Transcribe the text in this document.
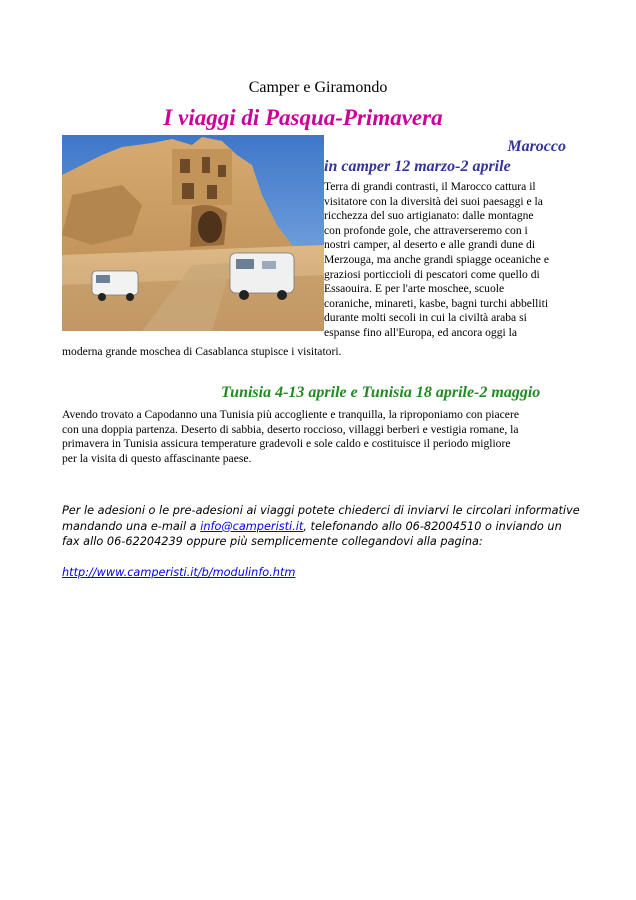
Camper e Giramondo
I viaggi di Pasqua-Primavera
Marocco
in camper 12 marzo-2 aprile
Terra di grandi contrasti, il Marocco cattura il
visitatore con la diversità dei suoi paesaggi e la
ricchezza del suo artigianato: dalle montagne
con profonde gole, che attraverseremo con i
nostri camper, al deserto e alle grandi dune di
Merzouga, ma anche grandi spiagge oceaniche e
graziosi porticcioli di pescatori come quello di
Essaouira. E per l'arte moschee, scuole
coraniche, minareti, kasbe, bagni turchi abbelliti
durante molti secoli in cui la civiltà araba si
espanse fino all'Europa, ed ancora oggi la
moderna grande moschea di Casablanca stupisce i visitatori.
Tunisia 4-13 aprile e Tunisia 18 aprile-2 maggio
Avendo trovato a Capodanno una Tunisia più accogliente e tranquilla, la riproponiamo con piacere
con una doppia partenza. Deserto di sabbia, deserto roccioso, villaggi berberi e vestigia romane, la
primavera in Tunisia assicura temperature gradevoli e sole caldo e costituisce il periodo migliore
per la visita di questo affascinante paese.
Per le adesioni o le pre-adesioni ai viaggi potete chiederci di inviarvi le circolari informative
mandando una e-mail a info@camperisti.it, telefonando allo 06-82004510 o inviando un
fax allo 06-62204239 oppure più semplicemente collegandovi alla pagina:
http://www.camperisti.it/b/modulinfo.htm
